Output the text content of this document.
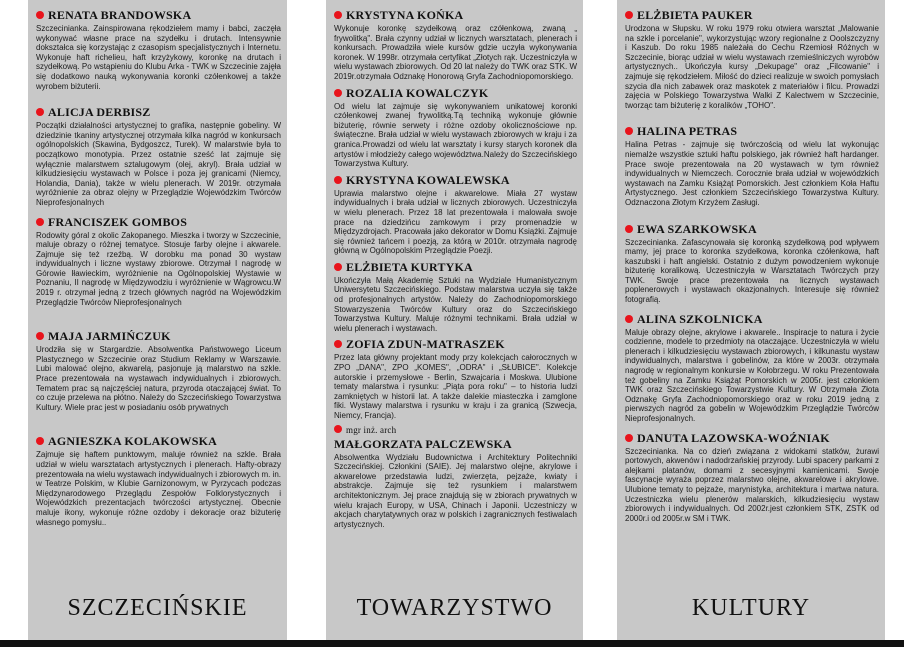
RENATA BRANDOWSKA

Szczecinianka. Zainspirowana rękodziełem mamy i babci, zaczęła wykonywać własne prace na szydełku i drutach. Intensywnie dokształca się korzystając z czasopism specjalistycznych i Internetu. Wykonuje haft richelieu, haft krzyżykowy, koronkę na drutach i szydełkową. Po wstąpieniu do Klubu Arka - TWK w Szczecinie zajęła się dodatkowo nauką wykonywania koronki czółenkowej a także wyrobem biżuterii.

ALICJA DERBISZ

Początki działalności artystycznej to grafika, następnie gobeliny. W dziedzinie tkaniny artystycznej otrzymała kilka nagród w konkursach ogólnopolskich (Skawina, Bydgoszcz, Turek). W malarstwie była to początkowo monotypia. Przez ostatnie sześć lat zajmuje się wyłącznie malarstwem sztalugowym (olej, akryl). Brała udział w kilkudziesięciu wystawach w Polsce i poza jej granicami (Niemcy, Holandia, Dania), także w wielu plenerach. W 2019r. otrzymała wyróżnienie za obraz olejny w Przeglądzie Wojewódzkim Twórców Nieprofesjonalnych

FRANCISZEK GOMBOS

Rodowity góral z okolic Zakopanego. Mieszka i tworzy w Szczecinie, maluje obrazy o różnej tematyce. Stosuje farby olejne i akwarele. Zajmuje się też rzeźbą. W dorobku ma ponad 30 wystaw indywidualnych i liczne wystawy zbiorowe. Otrzymał I nagrodę w Górowie Iławieckim, wyróżnienie na Ogólnopolskiej Wystawie w Poznaniu, II nagrodę w Międzywodziu i wyróżnienie w Wągrowcu.W 2019 r. otrzymał jedną z trzech głównych nagród na Wojewódzkim Przeglądzie Twórców Nieprofesjonalnych

MAJA JARMIŃCZUK

Urodziła się w Stargardzie. Absolwentka Państwowego Liceum Plastycznego w Szczecinie oraz Studium Reklamy w Warszawie. Lubi malować olejno, akwarelą, pasjonuje ją malarstwo na szkle. Prace prezentowała na wystawach indywidualnych i zbiorowych. Tematem prac są najczęściej natura, przyroda otaczającej świat. To co czuje przelewa na płótno. Należy do Szczecińskiego Towarzystwa Kultury. Wiele prac jest w posiadaniu osób prywatnych

AGNIESZKA KOLAKOWSKA

Zajmuje się haftem punktowym, maluje również na szkle. Brała udział w wielu warsztatach artystycznych i plenerach. Hafty-obrazy prezentowała na wielu wystawach indywidualnych i zbiorowych m. in. w Teatrze Polskim, w Klubie Garnizonowym, w Pyrzycach podczas Międzynarodowego Przeglądu Zespołów Folklorystycznych i Wojewódzkich prezentacjach twórczości artystycznej. Obecnie maluje ikony, wykonuje różne ozdoby i dekoracje oraz biżuterię własnego pomysłu..

KRYSTYNA KOŃKA

Wykonuje koronkę szydełkową oraz czółenkową, zwaną „ frywolitką". Brała czynny udział w licznych warsztatach, plenerach i konkursach. Prowadziła wiele kursów gdzie uczyła wykonywania koronek. W 1998r. otrzymała certyfikat „Złotych rąk. Uczestniczyła w wielu wystawach zbiorowych. Od 20 lat należy do TWK oraz STK. W 2019r.otrzymała Odznakę Honorową Gryfa Zachodniopomorskiego.

ROZALIA KOWALCZYK

Od wielu lat zajmuje się wykonywaniem unikatowej koronki czółenkowej zwanej frywolitką.Tą techniką wykonuje głównie biżuterię, równie serwety i różne ozdoby okolicznościowe np. świąteczne. Brała udział w wielu wystawach zbiorowych w kraju i za granica.Prowadzi od wielu lat warsztaty i kursy starych koronek dla artystów i młodzieży całego województwa.Należy do Szczecińskiego Towarzystwa Kultury.

KRYSTYNA KOWALEWSKA

Uprawia malarstwo olejne i akwarelowe. Miała 27 wystaw indywidualnych i brała udział w licznych zbiorowych. Uczestniczyła w wielu plenerach. Przez 18 lat prezentowała i malowała swoje prace na dziedzińcu zamkowym i przy promenadzie w Międzyzdrojach. Pracowała jako dekorator w Domu Książki. Zajmuje się również tańcem i poezją, za którą w 2010r. otrzymała nagrodę główną w Ogólnopolskim Przeglądzie Poezji.

ELŻBIETA KURTYKA

Ukończyła Małą Akademię Sztuki na Wydziale Humanistycznym Uniwersytetu Szczecińskiego. Podstaw malarstwa uczyła się także od profesjonalnych artystów. Należy do Zachodniopomorskiego Stowarzyszenia Twórców Kultury oraz do Szczecińskiego Towarzystwa Kultury. Maluje różnymi technikami. Brała udział w wielu plenerach i wystawach.

ZOFIA ZDUN-MATRASZEK

Przez lata główny projektant mody przy kolekcjach całorocznych w ZPO „DANA", ZPO „KOMES", „ODRA" i „SŁUBICE". Kolekcje autorskie i przemysłowe - Berlin, Szwajcaria i Moskwa. Ulubione tematy malarstwa i rysunku: „Piąta pora roku" – to historia ludzi zamkniętych w historii lat. A także dalekie miasteczka i zamglone fiki. Wystawy malarstwa i rysunku w kraju i za granicą (Szwecja, Niemcy, Francja).

mgr inż. arch
MAŁGORZATA PALCZEWSKA

Absolwentka Wydziału Budownictwa i Architektury Politechniki Szczecińskiej. Członkini (SAIE). Jej malarstwo olejne, akrylowe i akwarelowe przedstawia ludzi, zwierzęta, pejzaże, kwiaty i abstrakcje. Zajmuje się też rysunkiem i malarstwem architektonicznym. Jej prace znajdują się w zbiorach prywatnych w wielu krajach Europy, w USA, Chinach i Japonii. Uczestniczy w akcjach charytatywnych oraz w polskich i zagranicznych festiwalach artystycznych.

ELŻBIETA PAUKER

Urodzona w Słupsku. W roku 1979 roku otwiera warsztat „Malowanie na szkle i porcelanie", wykorzystując wzory regionalne z Ooolszczyzny i Kaszub. Do roku 1985 należała do Cechu Rzemiosł Różnych w Szczecinie, biorąc udział w wielu wystawach rzemieślniczych wyrobów artystycznych.. Ukończyła kursy „Dekupage" oraz „Filcowanie" i zajmuje się rękodziełem. Miłość do dzieci realizuje w swoich pomysłach szycia dla nich zabawek oraz maskotek z materiałów i filcu. Prowadzi zajęcia w Polskiego Towarzystwa Walki Z Kalectwem w Szczecinie, tworząc tam biżuterię z koralików „TOHO".

HALINA PETRAS

Halina Petras - zajmuje się twórczością od wielu lat wykonując niemalże wszystkie sztuki haftu polskiego, jak również haft hardanger. Prace swoje prezentowała na 20 wystawach w tym również indywidualnych w Niemczech. Corocznie brała udział w wojewódzkich wystawach na Zamku Książąt Pomorskich. Jest członkiem Koła Haftu Artystycznego. Jest członkiem Szczecińskiego Towarzystwa Kultury. Odznaczona Złotym Krzyżem Zasługi.

EWA SZARKOWSKA

Szczecinianka. Zafascynowała się koronką szydełkową pod wpływem mamy, jej prace to koronka szydełkowa, koronka czółenkowa, haft kaszubski i haft angielski. Ostatnio z dużym powodzeniem wykonuje biżuterię koralikową. Uczestniczyła w Warsztatach Twórczych przy TWK. Swoje prace prezentowała na licznych wystawach poplenerowych i wystawach okazjonalnych. Interesuje się również fotografią.

ALINA SZKOLNICKA

Maluje obrazy olejne, akrylowe i akwarele.. Inspiracje to natura i życie codzienne, modele to przedmioty na otaczające. Uczestniczyła w wielu plenerach i kilkudziesięciu wystawach zbiorowych, i kilkunastu wystaw indywidualnych, malarstwa i gobelinów, za które w 2003r. otrzymała nagrodę w regionalnym konkursie w Kołobrzegu. W roku Prezentowała też gobeliny na Zamku Książąt Pomorskich w 2005r. jest członkiem TWK oraz Szczecińskiego Towarzystwie Kultury. W Otrzymała Złota Odznakę Gryfa Zachodniopomorskiego oraz w roku 2019 jedną z pierwszych nagród za gobelin w Wojewódzkim Przeglądzie Twórców Nieprofesjonalnych.

DANUTA LAZOWSKA-WOŹNIAK

Szczecinianka. Na co dzień związana z widokami statków, żurawi portowych, akwenów i nadodrzańskiej przyrody. Lubi spacery parkami z alejkami platanów, domami z secesyjnymi kamienicami. Swoje fascynacje wyraża poprzez malarstwo olejne, akwarelowe i akrylowe. Ulubione tematy to pejzaże, marynistyka, architektura i martwa natura. Uczestniczka wielu plenerów malarskich, kilkudziesięciu wystaw zbiorowych i indywidualnych. Od 2002r.jest członkiem STK, ZSTK od 2000r.i od 2005r.w SM i TWK.

SZCZECIŃSKIE	TOWARZYSTWO	KULTURY
